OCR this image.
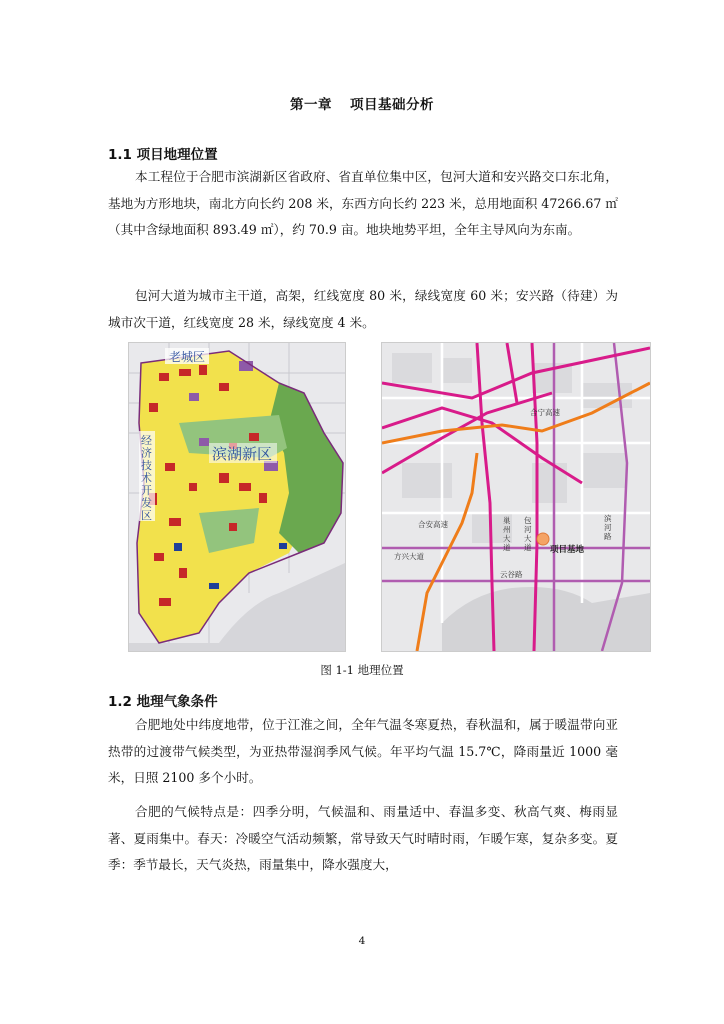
第一章 项目基础分析
1.1 项目地理位置

本工程位于合肥市滨湖新区省政府、省直单位集中区，包河大道和安兴路交口东北角，基地为方形地块，南北方向长约 208 米，东西方向长约 223 米，总用地面积 47266.67 ㎡（其中含绿地面积 893.49 ㎡），约 70.9 亩。地块地势平坦，全年主导风向为东南。

包河大道为城市主干道，高架，红线宽度 80 米，绿线宽度 60 米；安兴路（待建）为城市次干道，红线宽度 28 米，绿线宽度 4 米。

老城区
滨湖新区
经济技术开发区
合宁高速
合安高速
方兴大道
云谷路
巢州大道
包河大道
滨河路
项目基地
图 1-1 地理位置
1.2 地理气象条件

合肥地处中纬度地带，位于江淮之间，全年气温冬寒夏热，春秋温和，属于暖温带向亚热带的过渡带气候类型，为亚热带湿润季风气候。年平均气温 15.7℃，降雨量近 1000 毫米，日照 2100 多个小时。

合肥的气候特点是：四季分明，气候温和、雨量适中、春温多变、秋高气爽、梅雨显著、夏雨集中。春天：冷暖空气活动频繁，常导致天气时晴时雨，乍暖乍寒，复杂多变。夏季：季节最长，天气炎热，雨量集中，降水强度大，

4
